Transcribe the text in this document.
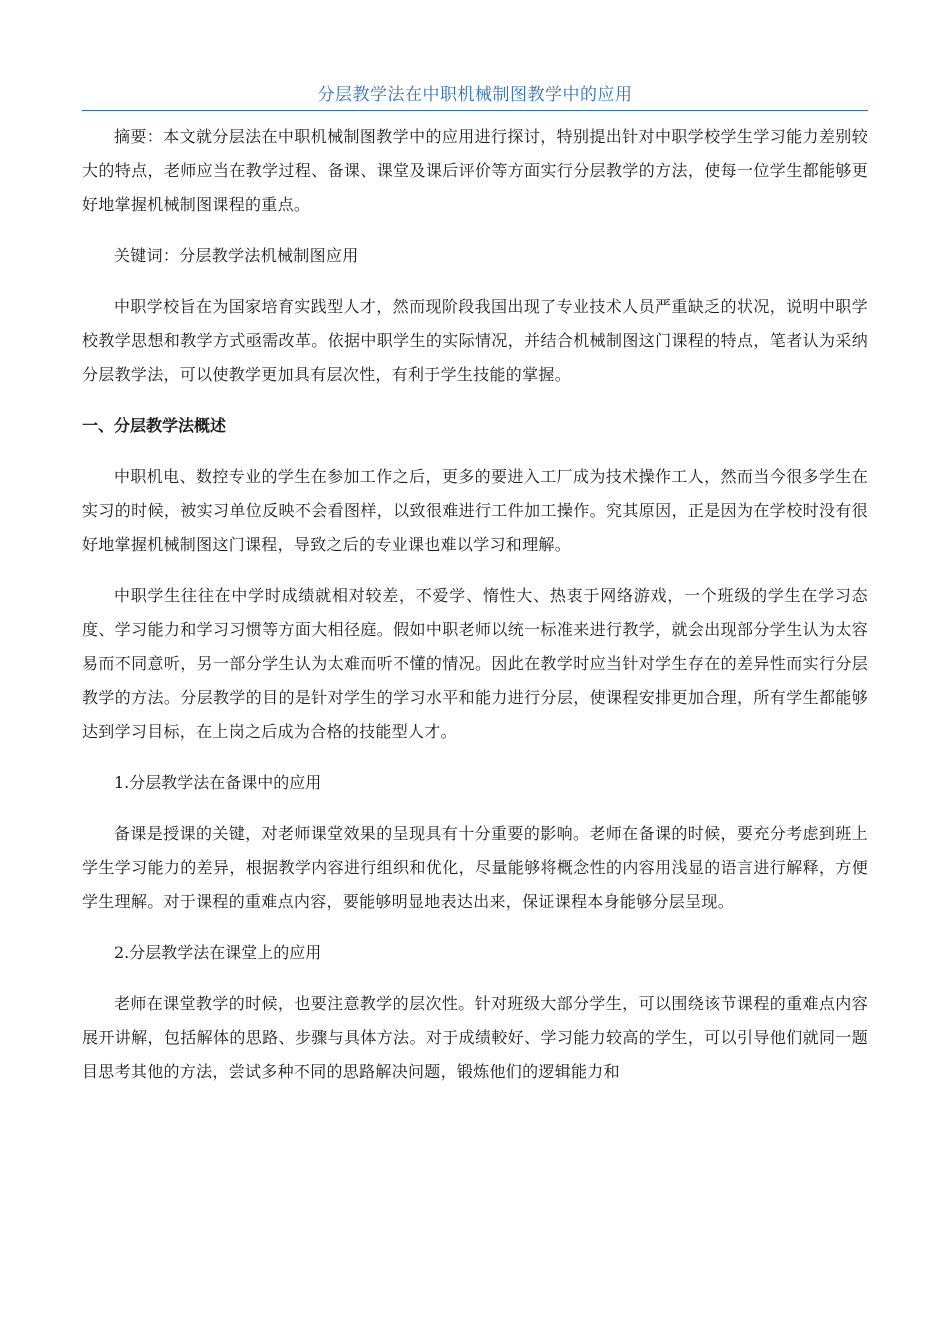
分层教学法在中职机械制图教学中的应用

摘要：本文就分层法在中职机械制图教学中的应用进行探讨，特别提出针对中职学校学生学习能力差别较大的特点，老师应当在教学过程、备课、课堂及课后评价等方面实行分层教学的方法，使每一位学生都能够更好地掌握机械制图课程的重点。

关键词：分层教学法机械制图应用

中职学校旨在为国家培育实践型人才，然而现阶段我国出现了专业技术人员严重缺乏的状况，说明中职学校教学思想和教学方式亟需改革。依据中职学生的实际情况，并结合机械制图这门课程的特点，笔者认为采纳分层教学法，可以使教学更加具有层次性，有利于学生技能的掌握。

一、分层教学法概述

中职机电、数控专业的学生在参加工作之后，更多的要进入工厂成为技术操作工人，然而当今很多学生在实习的时候，被实习单位反映不会看图样，以致很难进行工件加工操作。究其原因，正是因为在学校时没有很好地掌握机械制图这门课程，导致之后的专业课也难以学习和理解。

中职学生往往在中学时成绩就相对较差，不爱学、惰性大、热衷于网络游戏，一个班级的学生在学习态度、学习能力和学习习惯等方面大相径庭。假如中职老师以统一标准来进行教学，就会出现部分学生认为太容易而不同意听，另一部分学生认为太难而听不懂的情况。因此在教学时应当针对学生存在的差异性而实行分层教学的方法。分层教学的目的是针对学生的学习水平和能力进行分层，使课程安排更加合理，所有学生都能够达到学习目标，在上岗之后成为合格的技能型人才。

1.分层教学法在备课中的应用

备课是授课的关键，对老师课堂效果的呈现具有十分重要的影响。老师在备课的时候，要充分考虑到班上学生学习能力的差异，根据教学内容进行组织和优化，尽量能够将概念性的内容用浅显的语言进行解释，方便学生理解。对于课程的重难点内容，要能够明显地表达出来，保证课程本身能够分层呈现。

2.分层教学法在课堂上的应用

老师在课堂教学的时候，也要注意教学的层次性。针对班级大部分学生，可以围绕该节课程的重难点内容展开讲解，包括解体的思路、步骤与具体方法。对于成绩較好、学习能力较高的学生，可以引导他们就同一题目思考其他的方法，尝试多种不同的思路解决问题，锻炼他们的逻辑能力和
